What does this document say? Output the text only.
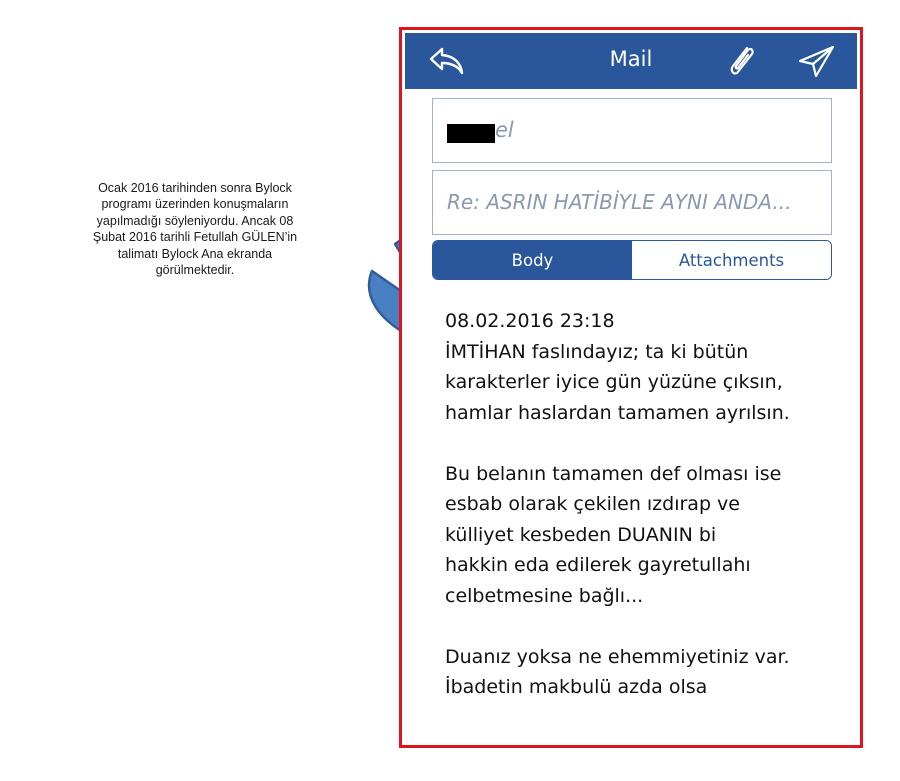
Ocak 2016 tarihinden sonra Bylock
programı üzerinden konuşmaların
yapılmadığı söyleniyordu. Ancak 08
Şubat 2016 tarihli Fetullah GÜLEN’in
talimatı Bylock Ana ekranda
görülmektedir.

Mail
el
Re: ASRIN HATİBİYLE AYNI ANDA...
Body	Attachments
08.02.2016 23:18
İMTİHAN faslındayız; ta ki bütün
karakterler iyice gün yüzüne çıksın,
hamlar haslardan tamamen ayrılsın.
Bu belanın tamamen def olması ise
esbab olarak çekilen ızdırap ve
külliyet kesbeden DUANIN bi
hakkin eda edilerek gayretullahı
celbetmesine bağlı...
Duanız yoksa ne ehemmiyetiniz var.
İbadetin makbulü azda olsa
